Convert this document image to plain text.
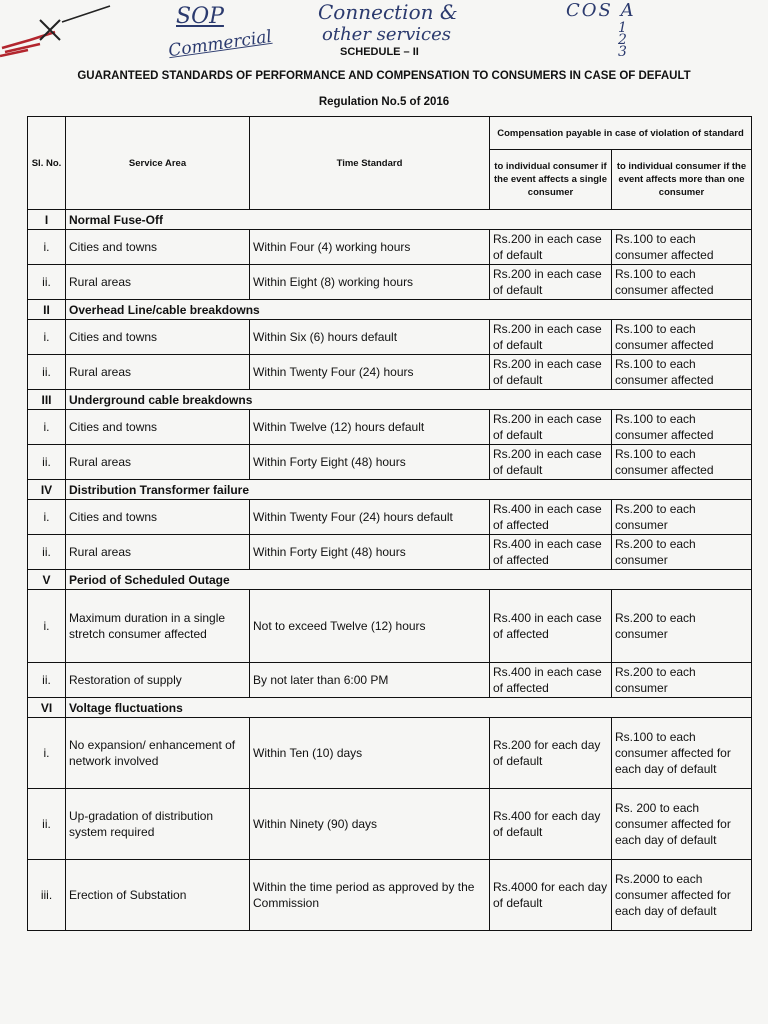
SOP
Commercial
Connection &
other services
COS A
1
2
3
SCHEDULE – II
GUARANTEED STANDARDS OF PERFORMANCE AND COMPENSATION TO CONSUMERS IN CASE OF DEFAULT
Regulation No.5 of 2016
Sl. No.	Service Area	Time Standard	Compensation payable in case of violation of standard	
			to individual consumer if the event affects a single consumer	to individual consumer if the event affects more than one consumer
I	Normal Fuse-Off			
i.	Cities and towns	Within Four (4) working hours	Rs.200 in each case of default	Rs.100 to each consumer affected
ii.	Rural areas	Within Eight (8) working hours	Rs.200 in each case of default	Rs.100 to each consumer affected
II	Overhead Line/cable breakdowns			
i.	Cities and towns	Within Six (6) hours default	Rs.200 in each case of default	Rs.100 to each consumer affected
ii.	Rural areas	Within Twenty Four (24) hours	Rs.200 in each case of default	Rs.100 to each consumer affected
III	Underground cable breakdowns			
i.	Cities and towns	Within Twelve (12) hours default	Rs.200 in each case of default	Rs.100 to each consumer affected
ii.	Rural areas	Within Forty Eight (48) hours	Rs.200 in each case of default	Rs.100 to each consumer affected
IV	Distribution Transformer failure			
i.	Cities and towns	Within Twenty Four (24) hours default	Rs.400 in each case of affected	Rs.200 to each consumer
ii.	Rural areas	Within Forty Eight (48) hours	Rs.400 in each case of affected	Rs.200 to each consumer
V	Period of Scheduled Outage			
i.	Maximum duration in a single stretch consumer affected	Not to exceed Twelve (12) hours	Rs.400 in each case of affected	Rs.200 to each consumer
ii.	Restoration of supply	By not later than 6:00 PM	Rs.400 in each case of affected	Rs.200 to each consumer
VI	Voltage fluctuations			
i.	No expansion/ enhancement of network involved	Within Ten (10) days	Rs.200 for each day of default	Rs.100 to each consumer affected for each day of default
ii.	Up-gradation of distribution system required	Within Ninety (90) days	Rs.400 for each day of default	Rs. 200 to each consumer affected for each day of default
iii.	Erection of Substation	Within the time period as approved by the Commission	Rs.4000 for each day of default	Rs.2000 to each consumer affected for each day of default
